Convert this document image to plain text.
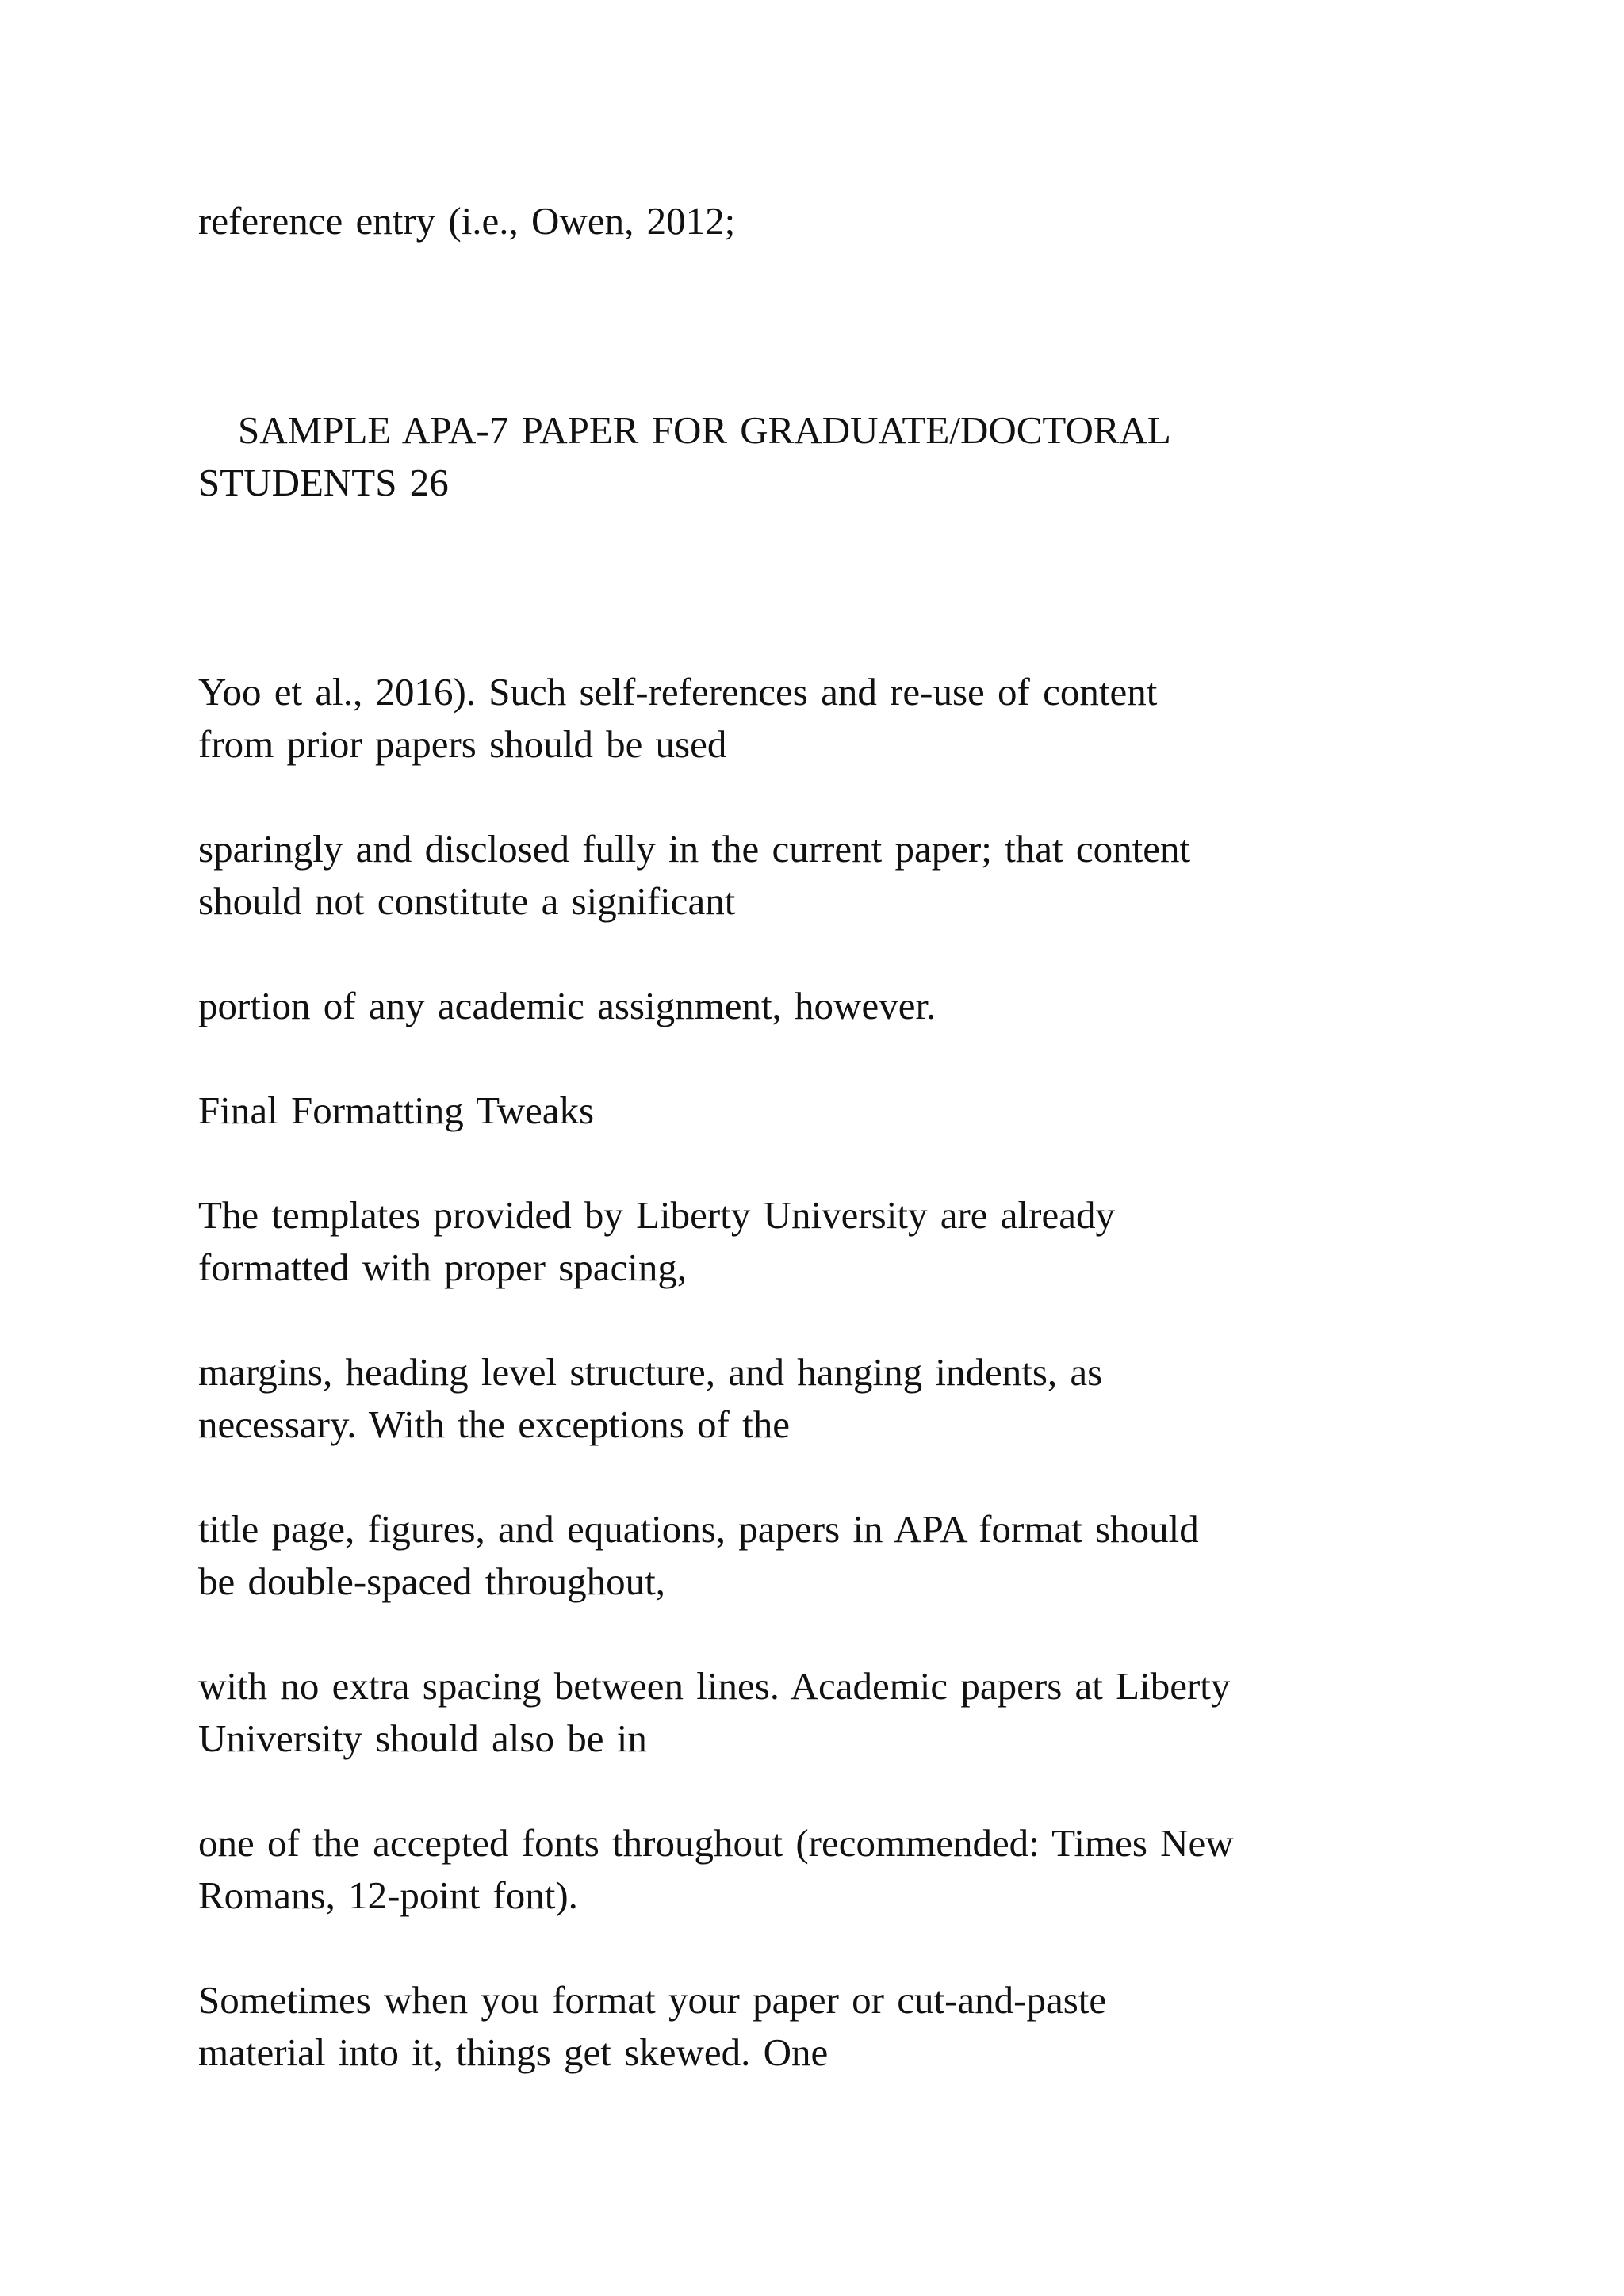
reference entry (i.e., Owen, 2012;
SAMPLE APA-7 PAPER FOR GRADUATE/DOCTORAL
STUDENTS 26
Yoo et al., 2016). Such self-references and re-use of content
from prior papers should be used
sparingly and disclosed fully in the current paper; that content
should not constitute a significant
portion of any academic assignment, however.
Final Formatting Tweaks
The templates provided by Liberty University are already
formatted with proper spacing,
margins, heading level structure, and hanging indents, as
necessary. With the exceptions of the
title page, figures, and equations, papers in APA format should
be double-spaced throughout,
with no extra spacing between lines. Academic papers at Liberty
University should also be in
one of the accepted fonts throughout (recommended: Times New
Romans, 12-point font).
Sometimes when you format your paper or cut-and-paste
material into it, things get skewed. One
